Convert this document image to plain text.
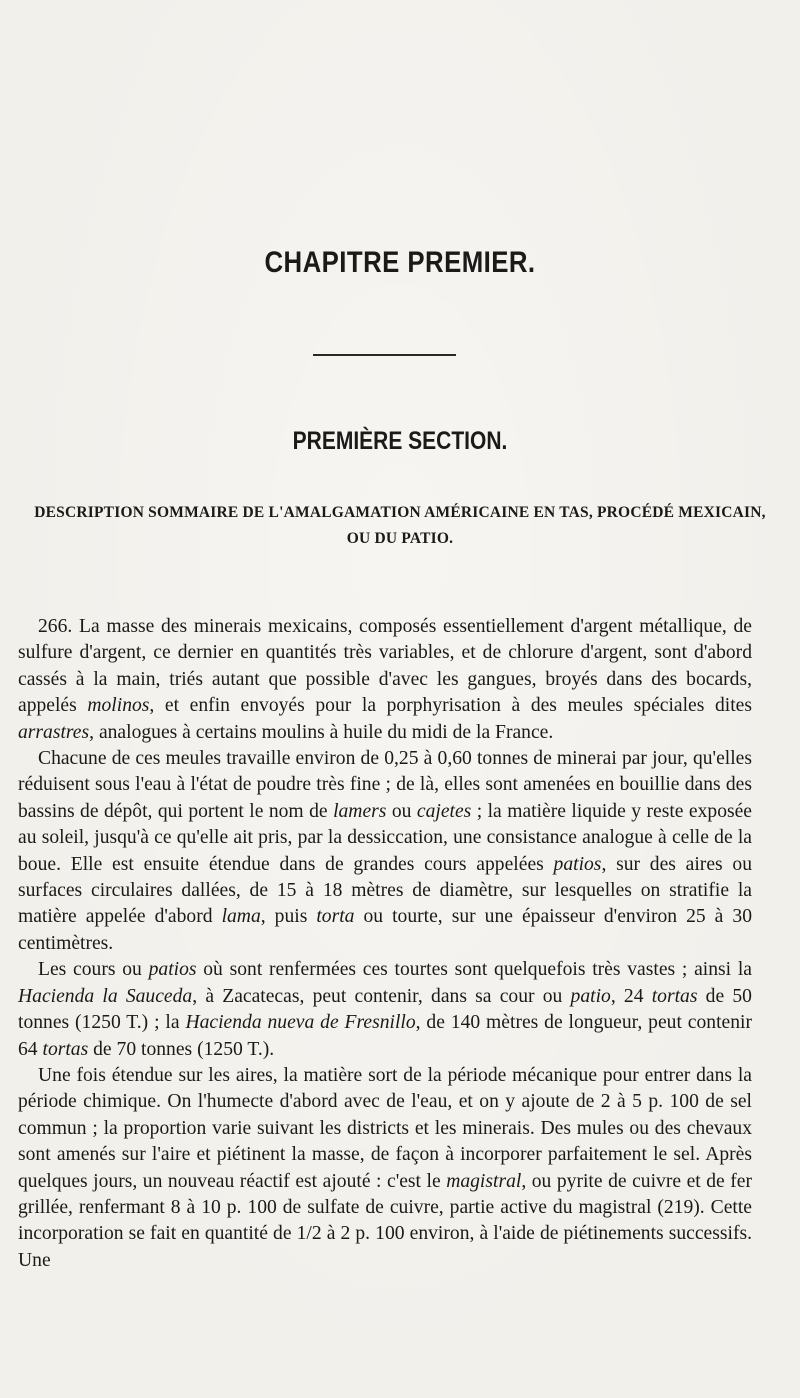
CHAPITRE PREMIER.
PREMIÈRE SECTION.
DESCRIPTION SOMMAIRE DE L'AMALGAMATION AMÉRICAINE EN TAS, PROCÉDÉ MEXICAIN,
OU DU PATIO.

266. La masse des minerais mexicains, composés essentiellement d'argent métallique, de sulfure d'argent, ce dernier en quantités très variables, et de chlorure d'argent, sont d'abord cassés à la main, triés autant que possible d'avec les gangues, broyés dans des bocards, appelés molinos, et enfin envoyés pour la porphyrisation à des meules spéciales dites arrastres, analogues à certains moulins à huile du midi de la France.

Chacune de ces meules travaille environ de 0,25 à 0,60 tonnes de minerai par jour, qu'elles réduisent sous l'eau à l'état de poudre très fine ; de là, elles sont amenées en bouillie dans des bassins de dépôt, qui portent le nom de lamers ou cajetes ; la matière liquide y reste exposée au soleil, jusqu'à ce qu'elle ait pris, par la dessiccation, une consistance analogue à celle de la boue. Elle est ensuite étendue dans de grandes cours appelées patios, sur des aires ou surfaces circulaires dallées, de 15 à 18 mètres de diamètre, sur lesquelles on stratifie la matière appelée d'abord lama, puis torta ou tourte, sur une épaisseur d'environ 25 à 30 centimètres.

Les cours ou patios où sont renfermées ces tourtes sont quelquefois très vastes ; ainsi la Hacienda la Sauceda, à Zacatecas, peut contenir, dans sa cour ou patio, 24 tortas de 50 tonnes (1250 T.) ; la Hacienda nueva de Fresnillo, de 140 mètres de longueur, peut contenir 64 tortas de 70 tonnes (1250 T.).

Une fois étendue sur les aires, la matière sort de la période mécanique pour entrer dans la période chimique. On l'humecte d'abord avec de l'eau, et on y ajoute de 2 à 5 p. 100 de sel commun ; la proportion varie suivant les districts et les minerais. Des mules ou des chevaux sont amenés sur l'aire et piétinent la masse, de façon à incorporer parfaitement le sel. Après quelques jours, un nouveau réactif est ajouté : c'est le magistral, ou pyrite de cuivre et de fer grillée, renfermant 8 à 10 p. 100 de sulfate de cuivre, partie active du magistral (219). Cette incorporation se fait en quantité de 1/2 à 2 p. 100 environ, à l'aide de piétinements successifs. Une
